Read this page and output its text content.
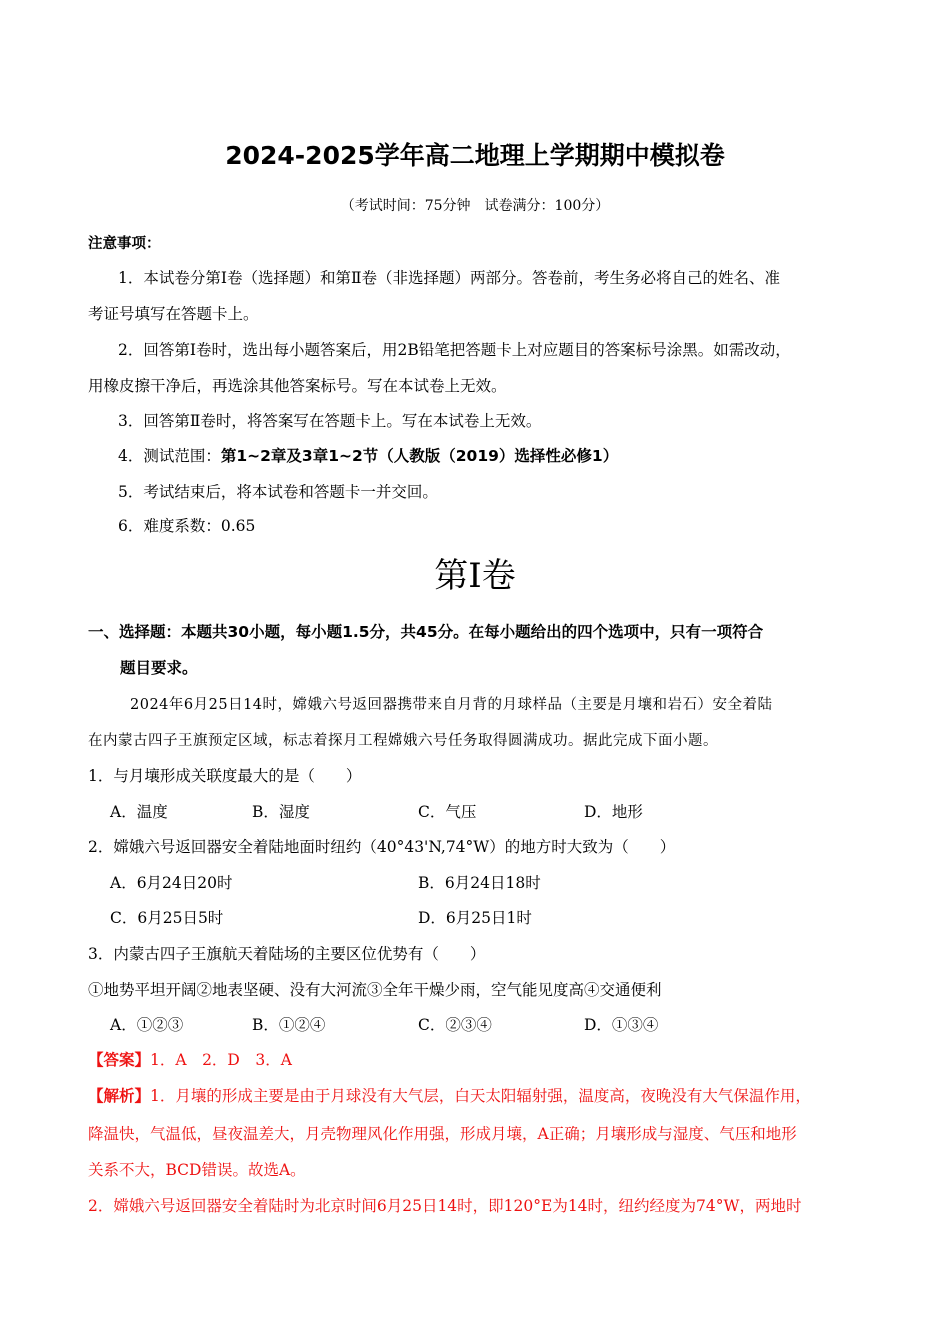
2024-2025学年高二地理上学期期中模拟卷
（考试时间：75分钟　试卷满分：100分）
注意事项：
1．本试卷分第Ⅰ卷（选择题）和第Ⅱ卷（非选择题）两部分。答卷前，考生务必将自己的姓名、准
考证号填写在答题卡上。
2．回答第Ⅰ卷时，选出每小题答案后，用2B铅笔把答题卡上对应题目的答案标号涂黑。如需改动，
用橡皮擦干净后，再选涂其他答案标号。写在本试卷上无效。
3．回答第Ⅱ卷时，将答案写在答题卡上。写在本试卷上无效。
4．测试范围：第1~2章及3章1~2节（人教版（2019）选择性必修1）
5．考试结束后，将本试卷和答题卡一并交回。
6．难度系数：0.65
第Ⅰ卷
一、选择题：本题共30小题，每小题1.5分，共45分。在每小题给出的四个选项中，只有一项符合
题目要求。
2024年6月25日14时，嫦娥六号返回器携带来自月背的月球样品（主要是月壤和岩石）安全着陆
在内蒙古四子王旗预定区域，标志着探月工程嫦娥六号任务取得圆满成功。据此完成下面小题。
1．与月壤形成关联度最大的是（　　）
A．温度	B．湿度	C．气压	D．地形
2．嫦娥六号返回器安全着陆地面时纽约（40°43'N,74°W）的地方时大致为（　　）
A．6月24日20时	B．6月24日18时
C．6月25日5时	D．6月25日1时
3．内蒙古四子王旗航天着陆场的主要区位优势有（　　）
①地势平坦开阔②地表坚硬、没有大河流③全年干燥少雨，空气能见度高④交通便利
A．①②③	B．①②④	C．②③④	D．①③④
【答案】1．A　2．D　3．A
【解析】1．月壤的形成主要是由于月球没有大气层，白天太阳辐射强，温度高，夜晚没有大气保温作用，
降温快，气温低，昼夜温差大，月壳物理风化作用强，形成月壤，A正确；月壤形成与湿度、气压和地形
关系不大，BCD错误。故选A。
2．嫦娥六号返回器安全着陆时为北京时间6月25日14时，即120°E为14时，纽约经度为74°W，两地时
